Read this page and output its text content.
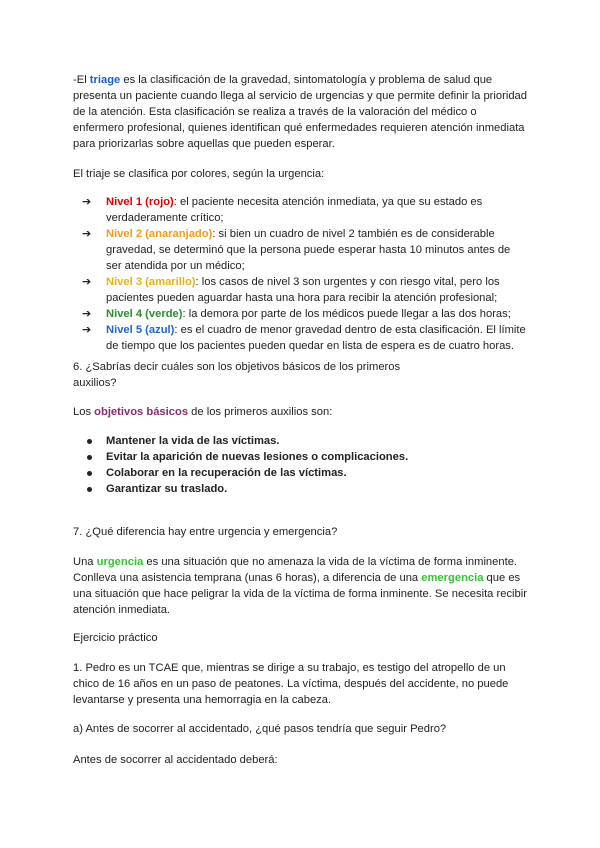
-El triage es la clasificación de la gravedad, sintomatología y problema de salud que presenta un paciente cuando llega al servicio de urgencias y que permite definir la prioridad de la atención. Esta clasificación se realiza a través de la valoración del médico o enfermero profesional, quienes identifican qué enfermedades requieren atención inmediata para priorizarlas sobre aquellas que pueden esperar.

El triaje se clasifica por colores, según la urgencia:

➔ Nivel 1 (rojo): el paciente necesita atención inmediata, ya que su estado es verdaderamente crítico;
➔ Nivel 2 (anaranjado): si bien un cuadro de nivel 2 también es de considerable gravedad, se determinó que la persona puede esperar hasta 10 minutos antes de ser atendida por un médico;
➔ Nivel 3 (amarillo): los casos de nivel 3 son urgentes y con riesgo vital, pero los pacientes pueden aguardar hasta una hora para recibir la atención profesional;
➔ Nivel 4 (verde): la demora por parte de los médicos puede llegar a las dos horas;
➔ Nivel 5 (azul): es el cuadro de menor gravedad dentro de esta clasificación. El límite de tiempo que los pacientes pueden quedar en lista de espera es de cuatro horas.

6. ¿Sabrías decir cuáles son los objetivos básicos de los primeros auxilios?

Los objetivos básicos de los primeros auxilios son:

Mantener la vida de las víctimas.
Evitar la aparición de nuevas lesiones o complicaciones.
Colaborar en la recuperación de las víctimas.
Garantizar su traslado.

7. ¿Qué diferencia hay entre urgencia y emergencia?

Una urgencia es una situación que no amenaza la vida de la víctima de forma inminente. Conlleva una asistencia temprana (unas 6 horas), a diferencia de una emergencia que es una situación que hace peligrar la vida de la víctima de forma inminente. Se necesita recibir atención inmediata.

Ejercicio práctico

1. Pedro es un TCAE que, mientras se dirige a su trabajo, es testigo del atropello de un chico de 16 años en un paso de peatones. La víctima, después del accidente, no puede levantarse y presenta una hemorragia en la cabeza.

a) Antes de socorrer al accidentado, ¿qué pasos tendría que seguir Pedro?

Antes de socorrer al accidentado deberá:
